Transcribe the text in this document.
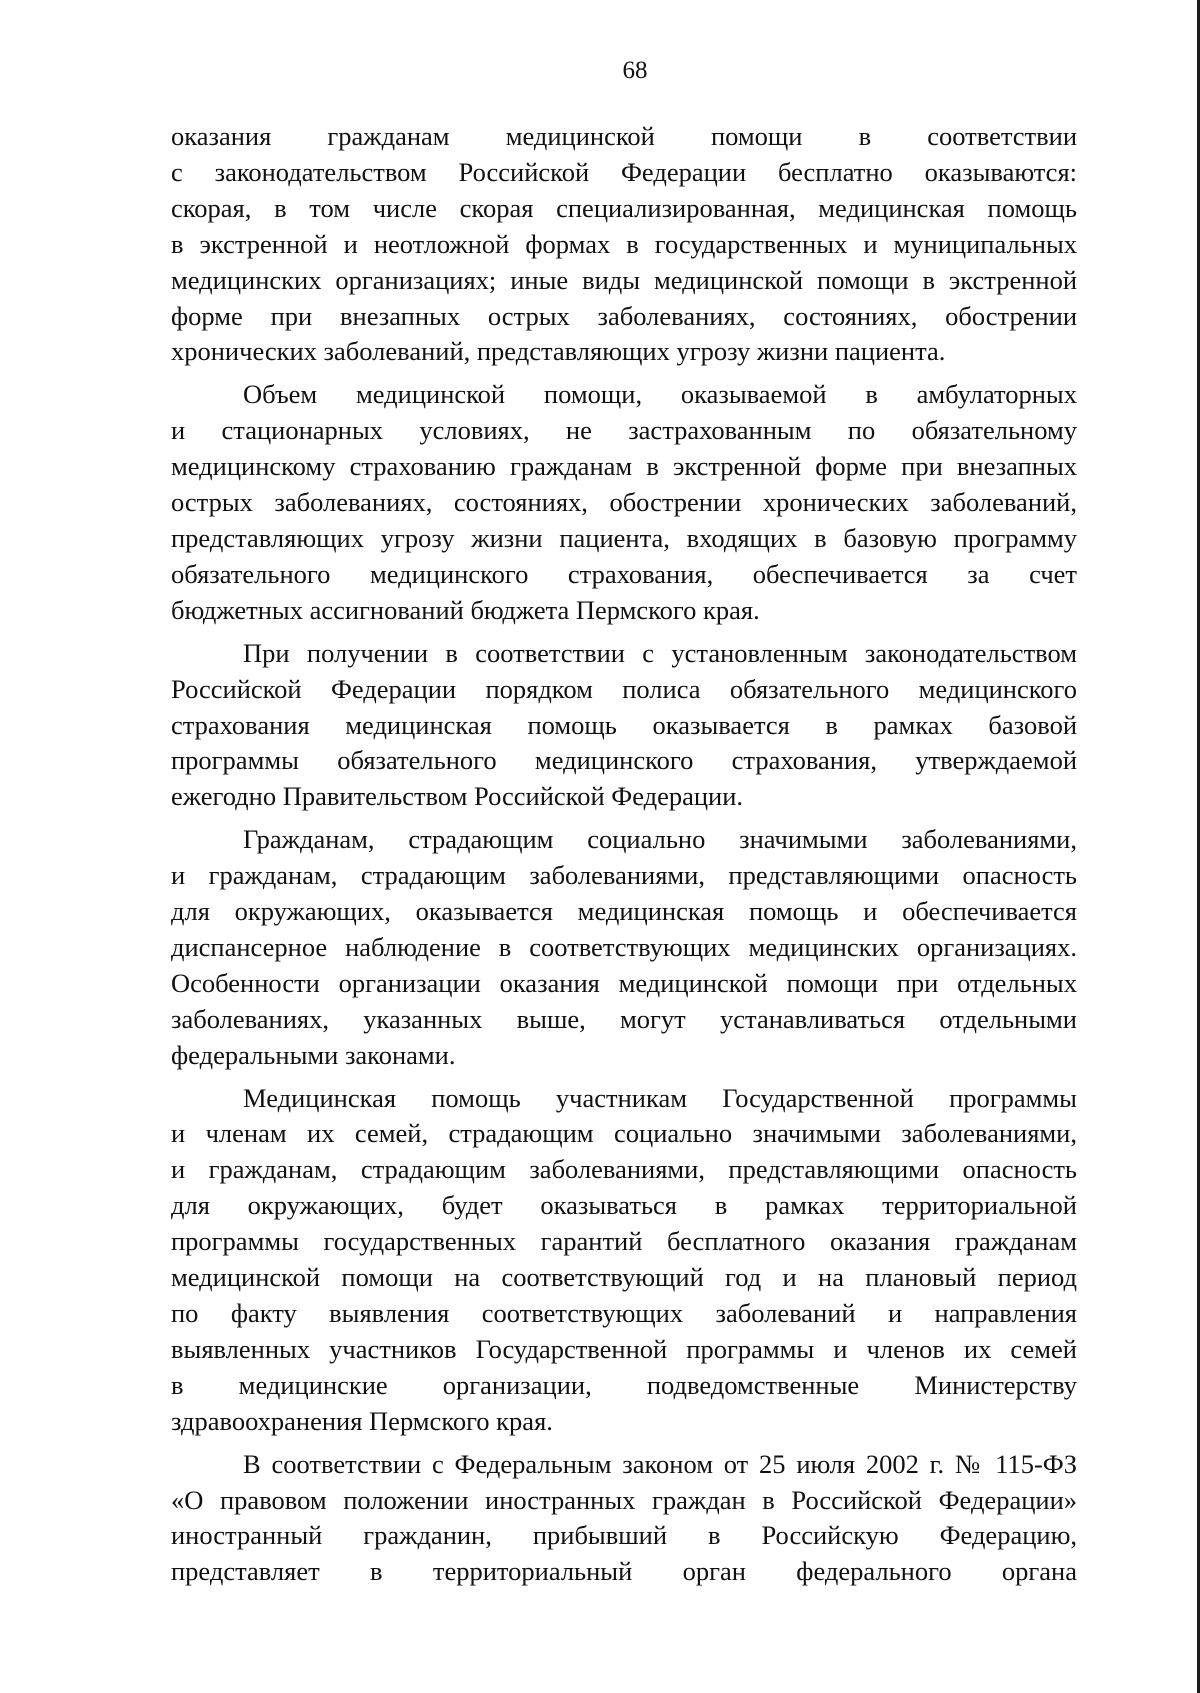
68
оказания гражданам медицинской помощи в соответствии
с законодательством Российской Федерации бесплатно оказываются:
скорая, в том числе скорая специализированная, медицинская помощь
в экстренной и неотложной формах в государственных и муниципальных
медицинских организациях; иные виды медицинской помощи в экстренной
форме при внезапных острых заболеваниях, состояниях, обострении
хронических заболеваний, представляющих угрозу жизни пациента.
Объем медицинской помощи, оказываемой в амбулаторных
и стационарных условиях, не застрахованным по обязательному
медицинскому страхованию гражданам в экстренной форме при внезапных
острых заболеваниях, состояниях, обострении хронических заболеваний,
представляющих угрозу жизни пациента, входящих в базовую программу
обязательного медицинского страхования, обеспечивается за счет
бюджетных ассигнований бюджета Пермского края.
При получении в соответствии с установленным законодательством
Российской Федерации порядком полиса обязательного медицинского
страхования медицинская помощь оказывается в рамках базовой
программы обязательного медицинского страхования, утверждаемой
ежегодно Правительством Российской Федерации.
Гражданам, страдающим социально значимыми заболеваниями,
и гражданам, страдающим заболеваниями, представляющими опасность
для окружающих, оказывается медицинская помощь и обеспечивается
диспансерное наблюдение в соответствующих медицинских организациях.
Особенности организации оказания медицинской помощи при отдельных
заболеваниях, указанных выше, могут устанавливаться отдельными
федеральными законами.
Медицинская помощь участникам Государственной программы
и членам их семей, страдающим социально значимыми заболеваниями,
и гражданам, страдающим заболеваниями, представляющими опасность
для окружающих, будет оказываться в рамках территориальной
программы государственных гарантий бесплатного оказания гражданам
медицинской помощи на соответствующий год и на плановый период
по факту выявления соответствующих заболеваний и направления
выявленных участников Государственной программы и членов их семей
в медицинские организации, подведомственные Министерству
здравоохранения Пермского края.
В соответствии с Федеральным законом от 25 июля 2002 г. № 115-ФЗ
«О правовом положении иностранных граждан в Российской Федерации»
иностранный гражданин, прибывший в Российскую Федерацию,
представляет в территориальный орган федерального органа
